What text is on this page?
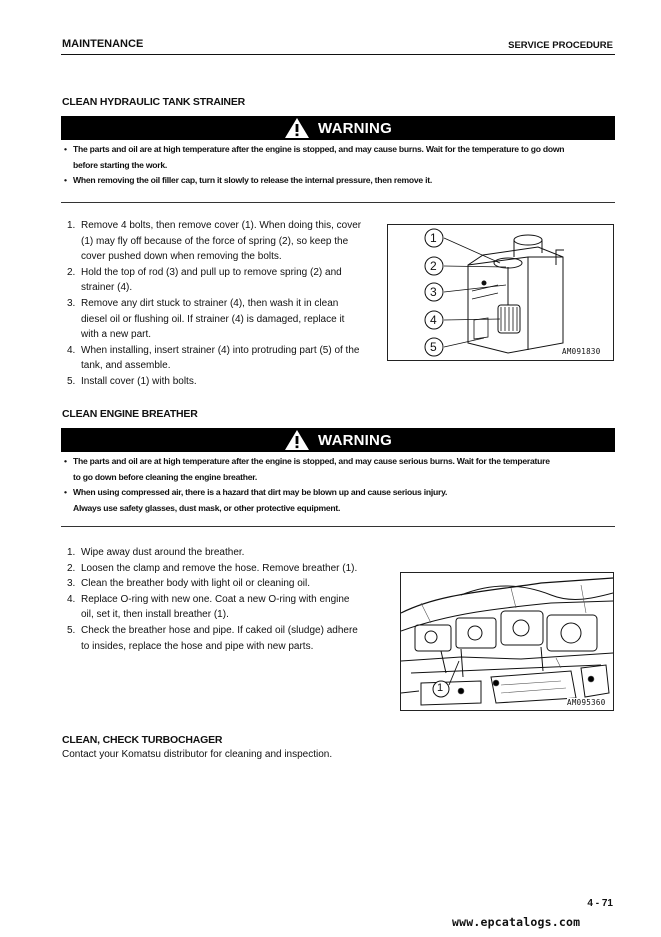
MAINTENANCE	SERVICE PROCEDURE
CLEAN HYDRAULIC TANK STRAINER
WARNING
• The parts and oil are at high temperature after the engine is stopped, and may cause burns. Wait for the temperature to go down
before starting the work.
• When removing the oil filler cap, turn it slowly to release the internal pressure, then remove it.
1. Remove 4 bolts, then remove cover (1). When doing this, cover
(1) may fly off because of the force of spring (2), so keep the
cover pushed down when removing the bolts.
2. Hold the top of rod (3) and pull up to remove spring (2) and
strainer (4).
3. Remove any dirt stuck to strainer (4), then wash it in clean
diesel oil or flushing oil. If strainer (4) is damaged, replace it
with a new part.
4. When installing, insert strainer (4) into protruding part (5) of the
tank, and assemble.
5. Install cover (1) with bolts.
1
2
3
4
5	AM091830
CLEAN ENGINE BREATHER
WARNING
• The parts and oil are at high temperature after the engine is stopped, and may cause serious burns. Wait for the temperature
to go down before cleaning the engine breather.
• When using compressed air, there is a hazard that dirt may be blown up and cause serious injury.
Always use safety glasses, dust mask, or other protective equipment.
1. Wipe away dust around the breather.
2. Loosen the clamp and remove the hose. Remove breather (1).
3. Clean the breather body with light oil or cleaning oil.
4. Replace O-ring with new one. Coat a new O-ring with engine
oil, set it, then install breather (1).
5. Check the breather hose and pipe. If caked oil (sludge) adhere
to insides, replace the hose and pipe with new parts.
1
AM095360
CLEAN, CHECK TURBOCHAGER
Contact your Komatsu distributor for cleaning and inspection.
4 - 71
www.epcatalogs.com
